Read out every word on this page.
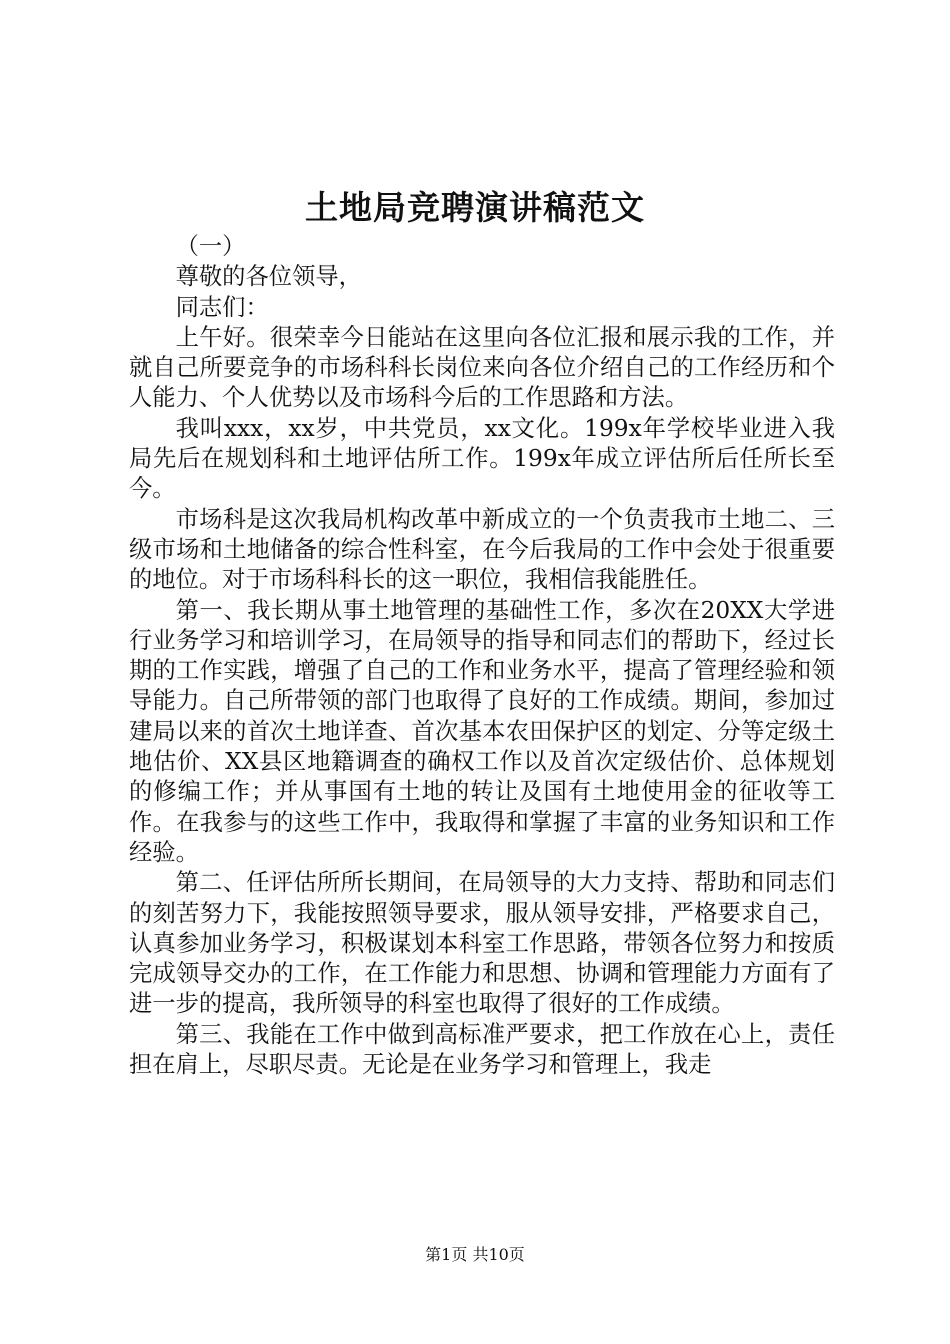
土地局竞聘演讲稿范文

（一）

尊敬的各位领导，

同志们：

上午好。很荣幸今日能站在这里向各位汇报和展示我的工作，并就自己所要竞争的市场科科长岗位来向各位介绍自己的工作经历和个人能力、个人优势以及市场科今后的工作思路和方法。

我叫xxx，xx岁，中共党员，xx文化。199x年学校毕业进入我局先后在规划科和土地评估所工作。199x年成立评估所后任所长至今。

市场科是这次我局机构改革中新成立的一个负责我市土地二、三级市场和土地储备的综合性科室，在今后我局的工作中会处于很重要的地位。对于市场科科长的这一职位，我相信我能胜任。

第一、我长期从事土地管理的基础性工作，多次在20XX大学进行业务学习和培训学习，在局领导的指导和同志们的帮助下，经过长期的工作实践，增强了自己的工作和业务水平，提高了管理经验和领导能力。自己所带领的部门也取得了良好的工作成绩。期间，参加过建局以来的首次土地详查、首次基本农田保护区的划定、分等定级土地估价、XX县区地籍调查的确权工作以及首次定级估价、总体规划的修编工作；并从事国有土地的转让及国有土地使用金的征收等工作。在我参与的这些工作中，我取得和掌握了丰富的业务知识和工作经验。

第二、任评估所所长期间，在局领导的大力支持、帮助和同志们的刻苦努力下，我能按照领导要求，服从领导安排，严格要求自己，认真参加业务学习，积极谋划本科室工作思路，带领各位努力和按质完成领导交办的工作，在工作能力和思想、协调和管理能力方面有了进一步的提高，我所领导的科室也取得了很好的工作成绩。

第三、我能在工作中做到高标准严要求，把工作放在心上，责任担在肩上，尽职尽责。无论是在业务学习和管理上，我走

第1页 共10页
